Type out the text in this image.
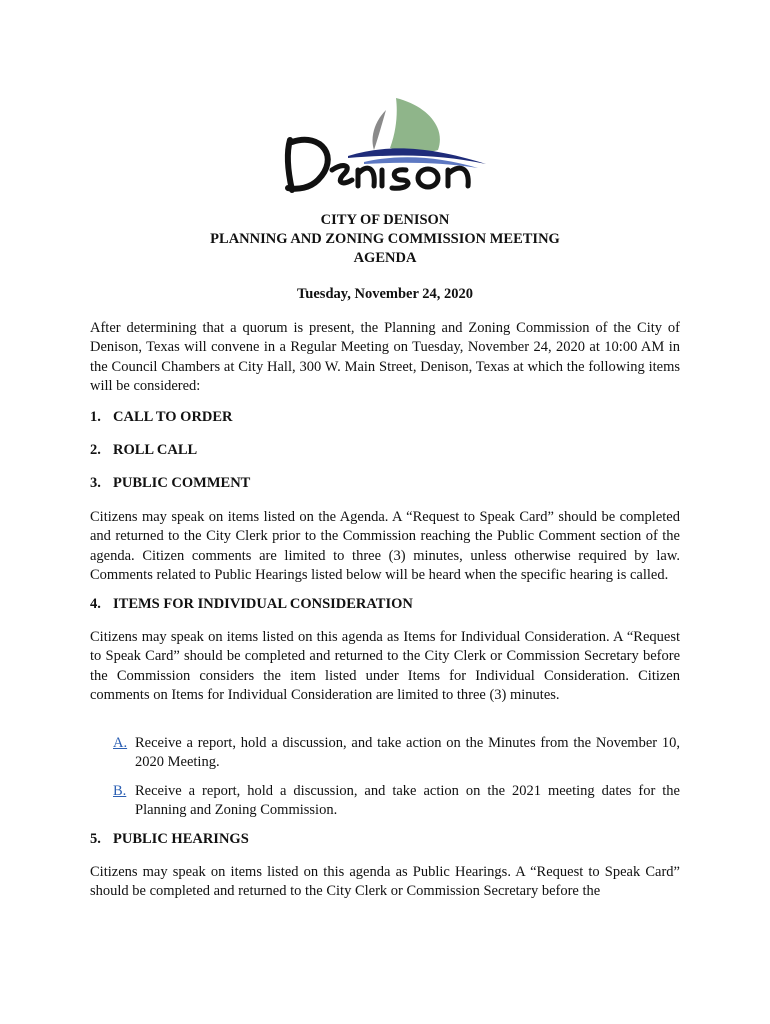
CITY OF DENISON
PLANNING AND ZONING COMMISSION MEETING
AGENDA
Tuesday, November 24, 2020
After determining that a quorum is present, the Planning and Zoning Commission of the City of Denison, Texas will convene in a Regular Meeting on Tuesday, November 24, 2020 at 10:00 AM in the Council Chambers at City Hall, 300 W. Main Street, Denison, Texas at which the following items will be considered:
1. CALL TO ORDER
2. ROLL CALL
3. PUBLIC COMMENT
Citizens may speak on items listed on the Agenda. A “Request to Speak Card” should be completed and returned to the City Clerk prior to the Commission reaching the Public Comment section of the agenda. Citizen comments are limited to three (3) minutes, unless otherwise required by law. Comments related to Public Hearings listed below will be heard when the specific hearing is called.
4. ITEMS FOR INDIVIDUAL CONSIDERATION
Citizens may speak on items listed on this agenda as Items for Individual Consideration. A “Request to Speak Card” should be completed and returned to the City Clerk or Commission Secretary before the Commission considers the item listed under Items for Individual Consideration. Citizen comments on Items for Individual Consideration are limited to three (3) minutes.
A. Receive a report, hold a discussion, and take action on the Minutes from the November 10, 2020 Meeting.
B. Receive a report, hold a discussion, and take action on the 2021 meeting dates for the Planning and Zoning Commission.
5. PUBLIC HEARINGS
Citizens may speak on items listed on this agenda as Public Hearings. A “Request to Speak Card” should be completed and returned to the City Clerk or Commission Secretary before the
